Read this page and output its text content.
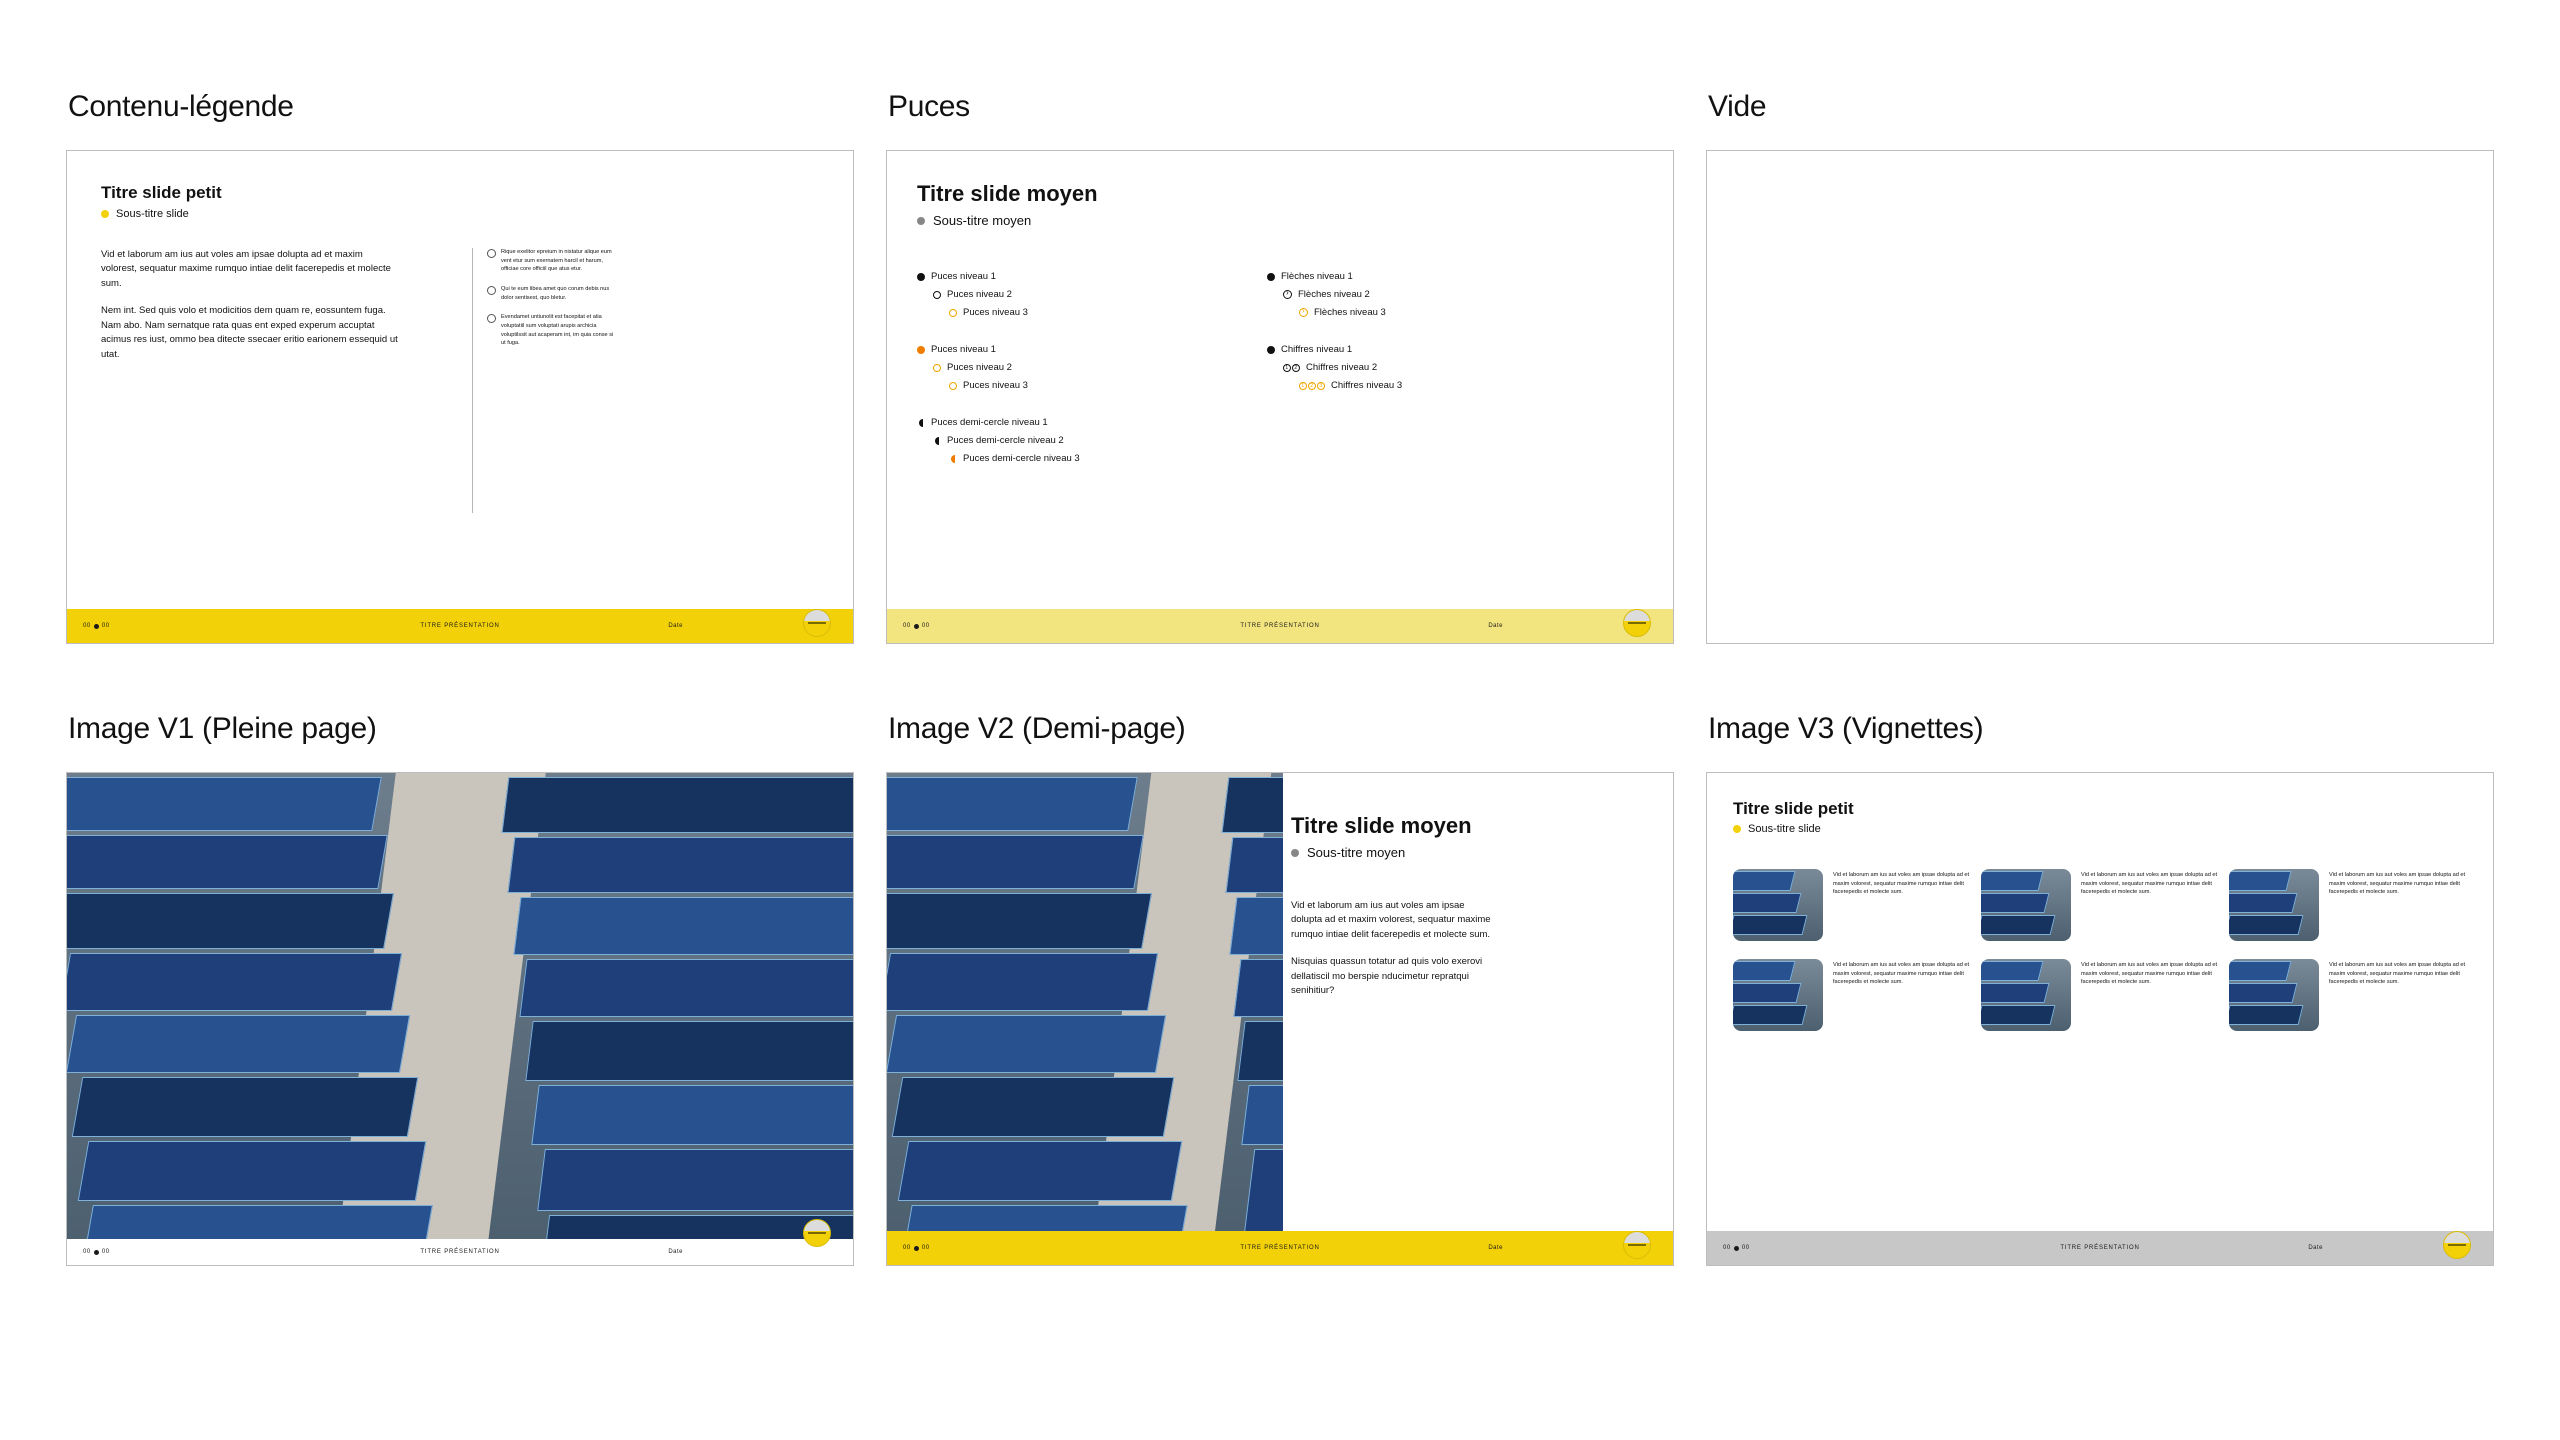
Contenu-légende
Titre slide petit
Sous-titre slide

Vid et laborum am ius aut voles am ipsae dolupta ad et maxim volorest, sequatur maxime rumquo intiae delit facerepedis et molecte sum.

Nem int. Sed quis volo et modicitios dem quam re, eossuntem fuga. Nam abo. Nam sernatque rata quas ent exped experum accuptat acimus res iust, ommo bea ditecte ssecaer eritio earionem essequid ut utat.

Rique exelitor epreium in nistatur alique eum vent etur sum exernatem harcil et harum, officiae core officiil que atus etur.
Qui te eum libea amet quo corum debis nus dolor sentisest, quo bletur.
Evendamet untiunolit est facepitat et atia voluptatiil sum voluptati arupis archicia voluptilssit aut acaperam int, im quia conse si ut fuga.
00 00	TITRE PRÉSENTATION	Date
Puces
Titre slide moyen
Sous-titre moyen
Puces niveau 1
Puces niveau 2
Puces niveau 3
Puces niveau 1
Puces niveau 2
Puces niveau 3
Puces demi-cercle niveau 1
Puces demi-cercle niveau 2
Puces demi-cercle niveau 3
Flèches niveau 1
›
Flèches niveau 2
›
Flèches niveau 3
Chiffres niveau 1
1	2 Chiffres niveau 2
1	2	3 Chiffres niveau 3
00 00	TITRE PRÉSENTATION	Date
Vide
Image V1 (Pleine page)
00 00	TITRE PRÉSENTATION	Date
Image V2 (Demi-page)
Titre slide moyen
Sous-titre moyen

Vid et laborum am ius aut voles am ipsae dolupta ad et maxim volorest, sequatur maxime rumquo intiae delit facerepedis et molecte sum.

Nisquias quassun totatur ad quis volo exerovi dellatiscil mo berspie nducimetur repratqui senihitiur?

00 00	TITRE PRÉSENTATION	Date
Image V3 (Vignettes)
Titre slide petit
Sous-titre slide
Vid et laborum am ius aut voles am ipsae dolupta ad et maxim volorest, sequatur maxime rumquo intiae delit facerepedis et molecte sum.
Vid et laborum am ius aut voles am ipsae dolupta ad et maxim volorest, sequatur maxime rumquo intiae delit facerepedis et molecte sum.
Vid et laborum am ius aut voles am ipsae dolupta ad et maxim volorest, sequatur maxime rumquo intiae delit facerepedis et molecte sum.
Vid et laborum am ius aut voles am ipsae dolupta ad et maxim volorest, sequatur maxime rumquo intiae delit facerepedis et molecte sum.
Vid et laborum am ius aut voles am ipsae dolupta ad et maxim volorest, sequatur maxime rumquo intiae delit facerepedis et molecte sum.
Vid et laborum am ius aut voles am ipsae dolupta ad et maxim volorest, sequatur maxime rumquo intiae delit facerepedis et molecte sum.
00 00	TITRE PRÉSENTATION	Date
